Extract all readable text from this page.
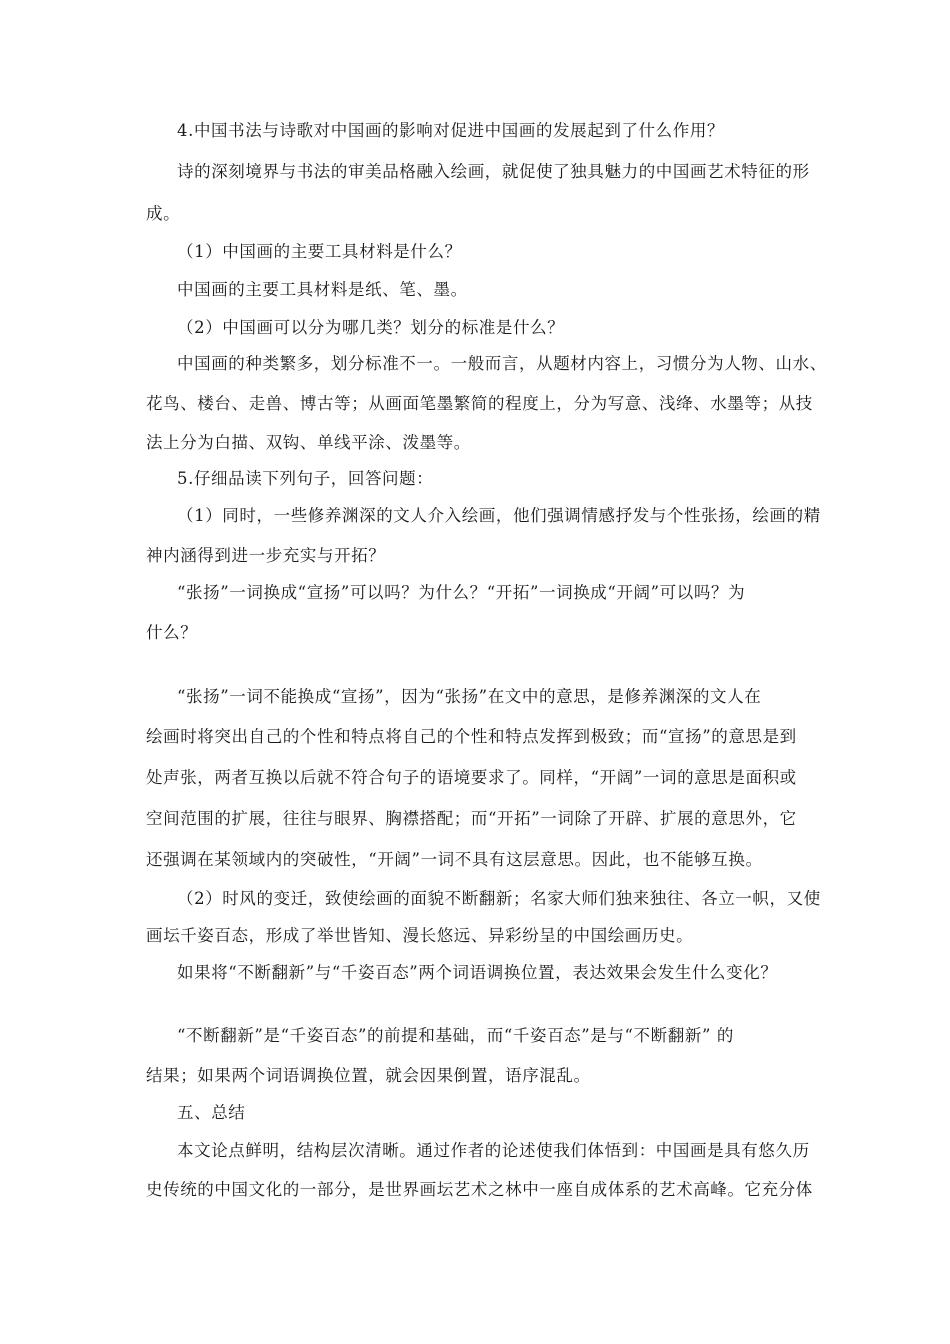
4.中国书法与诗歌对中国画的影响对促进中国画的发展起到了什么作用？
诗的深刻境界与书法的审美品格融入绘画，就促使了独具魅力的中国画艺术特征的形
成。
（1）中国画的主要工具材料是什么？
中国画的主要工具材料是纸、笔、墨。
（2）中国画可以分为哪几类？划分的标准是什么？
中国画的种类繁多，划分标准不一。一般而言，从题材内容上，习惯分为人物、山水、
花鸟、楼台、走兽、博古等；从画面笔墨繁简的程度上，分为写意、浅绛、水墨等；从技
法上分为白描、双钩、单线平涂、泼墨等。
5.仔细品读下列句子，回答问题：
（1）同时，一些修养渊深的文人介入绘画，他们强调情感抒发与个性张扬，绘画的精
神内涵得到进一步充实与开拓？
“张扬”一词换成“宣扬”可以吗？为什么？“开拓”一词换成“开阔”可以吗？为
什么？
“张扬”一词不能换成“宣扬”，因为“张扬”在文中的意思，是修养渊深的文人在
绘画时将突出自己的个性和特点将自己的个性和特点发挥到极致；而“宣扬”的意思是到
处声张，两者互换以后就不符合句子的语境要求了。同样，“开阔”一词的意思是面积或
空间范围的扩展，往往与眼界、胸襟搭配；而“开拓”一词除了开辟、扩展的意思外，它
还强调在某领域内的突破性，“开阔”一词不具有这层意思。因此，也不能够互换。
（2）时风的变迁，致使绘画的面貌不断翻新；名家大师们独来独往、各立一帜，又使
画坛千姿百态，形成了举世皆知、漫长悠远、异彩纷呈的中国绘画历史。
如果将“不断翻新”与“千姿百态”两个词语调换位置，表达效果会发生什么变化？
“不断翻新”是“千姿百态”的前提和基础，而“千姿百态”是与“不断翻新” 的
结果；如果两个词语调换位置，就会因果倒置，语序混乱。
五、总结
本文论点鲜明，结构层次清晰。通过作者的论述使我们体悟到：中国画是具有悠久历
史传统的中国文化的一部分，是世界画坛艺术之林中一座自成体系的艺术高峰。它充分体
